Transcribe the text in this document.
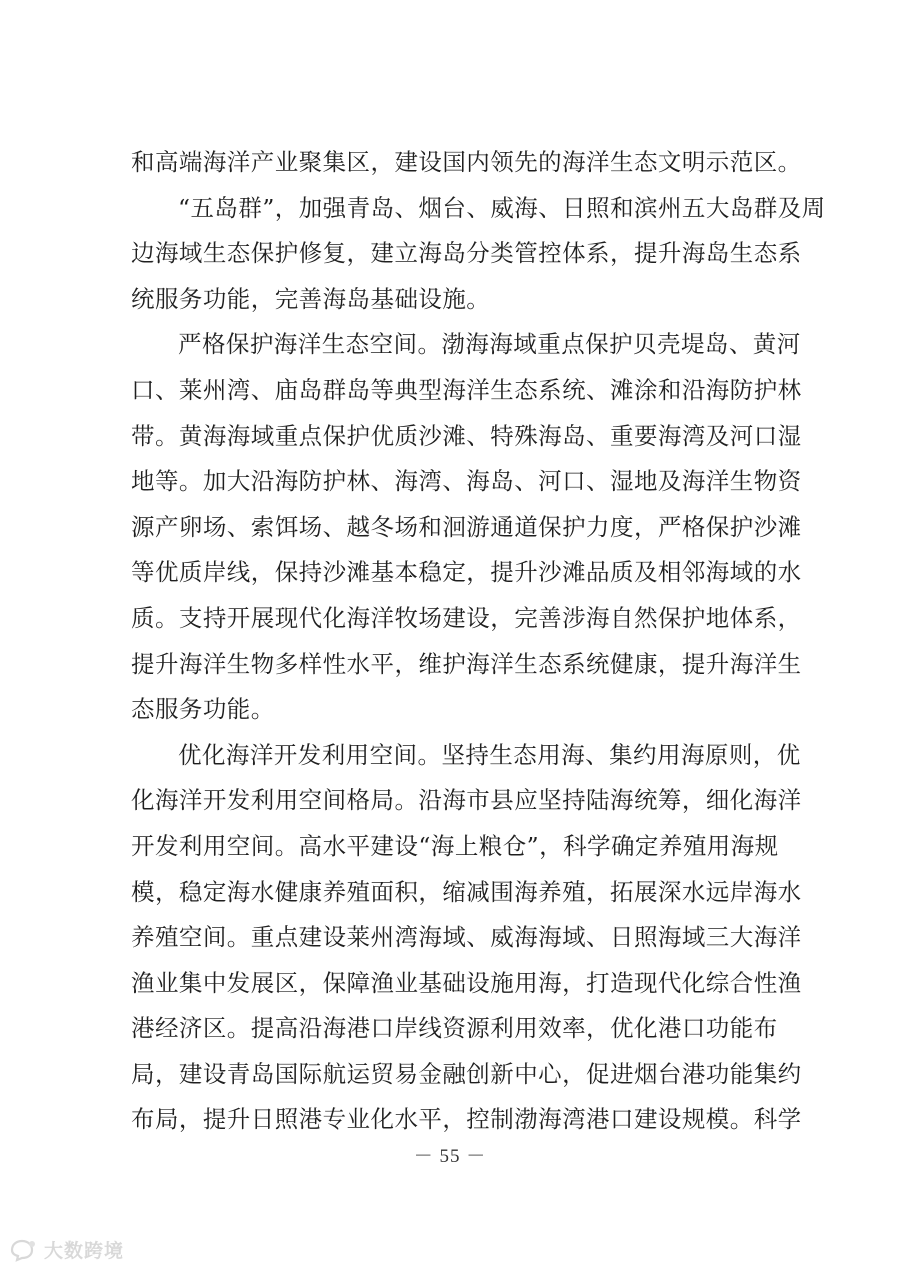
和高端海洋产业聚集区，建设国内领先的海洋生态文明示范区。
“五岛群”，加强青岛、烟台、威海、日照和滨州五大岛群及周
边海域生态保护修复，建立海岛分类管控体系，提升海岛生态系
统服务功能，完善海岛基础设施。
严格保护海洋生态空间。渤海海域重点保护贝壳堤岛、黄河
口、莱州湾、庙岛群岛等典型海洋生态系统、滩涂和沿海防护林
带。黄海海域重点保护优质沙滩、特殊海岛、重要海湾及河口湿
地等。加大沿海防护林、海湾、海岛、河口、湿地及海洋生物资
源产卵场、索饵场、越冬场和洄游通道保护力度，严格保护沙滩
等优质岸线，保持沙滩基本稳定，提升沙滩品质及相邻海域的水
质。支持开展现代化海洋牧场建设，完善涉海自然保护地体系，
提升海洋生物多样性水平，维护海洋生态系统健康，提升海洋生
态服务功能。
优化海洋开发利用空间。坚持生态用海、集约用海原则，优
化海洋开发利用空间格局。沿海市县应坚持陆海统筹，细化海洋
开发利用空间。高水平建设“海上粮仓”，科学确定养殖用海规
模，稳定海水健康养殖面积，缩减围海养殖，拓展深水远岸海水
养殖空间。重点建设莱州湾海域、威海海域、日照海域三大海洋
渔业集中发展区，保障渔业基础设施用海，打造现代化综合性渔
港经济区。提高沿海港口岸线资源利用效率，优化港口功能布
局，建设青岛国际航运贸易金融创新中心，促进烟台港功能集约
布局，提升日照港专业化水平，控制渤海湾港口建设规模。科学
－ 55 －
大数跨境
